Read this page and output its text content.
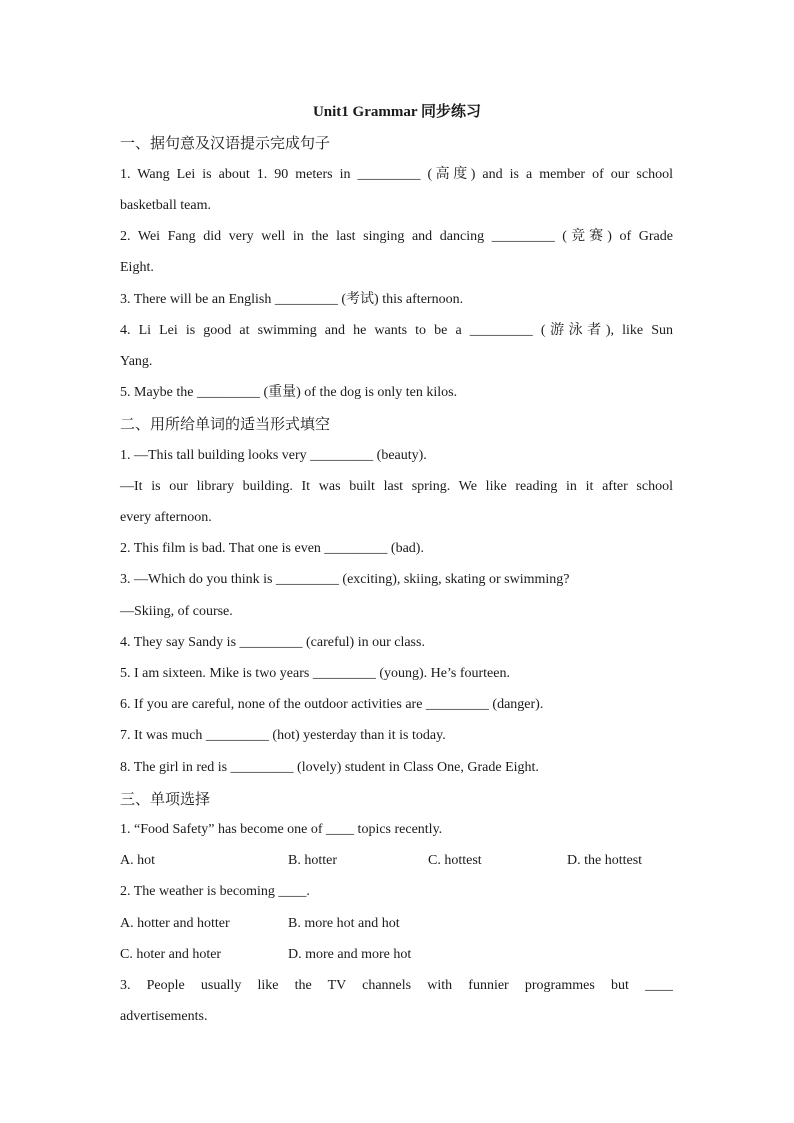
Unit1 Grammar 同步练习
一、据句意及汉语提示完成句子
1. Wang Lei is about 1. 90 meters in _________ (高度) and is a member of our school
basketball team.
2. Wei Fang did very well in the last singing and dancing _________ (竞赛) of Grade
Eight.
3. There will be an English _________ (考试) this afternoon.
4. Li Lei is good at swimming and he wants to be a _________ (游泳者), like Sun
Yang.
5. Maybe the _________ (重量) of the dog is only ten kilos.
二、用所给单词的适当形式填空
1. —This tall building looks very _________ (beauty).
—It is our library building. It was built last spring. We like reading in it after school
every afternoon.
2. This film is bad. That one is even _________ (bad).
3. —Which do you think is _________ (exciting), skiing, skating or swimming?
—Skiing, of course.
4. They say Sandy is _________ (careful) in our class.
5. I am sixteen. Mike is two years _________ (young). He’s fourteen.
6. If you are careful, none of the outdoor activities are _________ (danger).
7. It was much _________ (hot) yesterday than it is today.
8. The girl in red is _________ (lovely) student in Class One, Grade Eight.
三、单项选择
1. “Food Safety” has become one of ____ topics recently.
A. hot	B. hotter	C. hottest	D. the hottest
2. The weather is becoming ____.
A. hotter and hotter	B. more hot and hot
C. hoter and hoter	D. more and more hot
3. People usually like the TV channels with funnier programmes but ____
advertisements.
